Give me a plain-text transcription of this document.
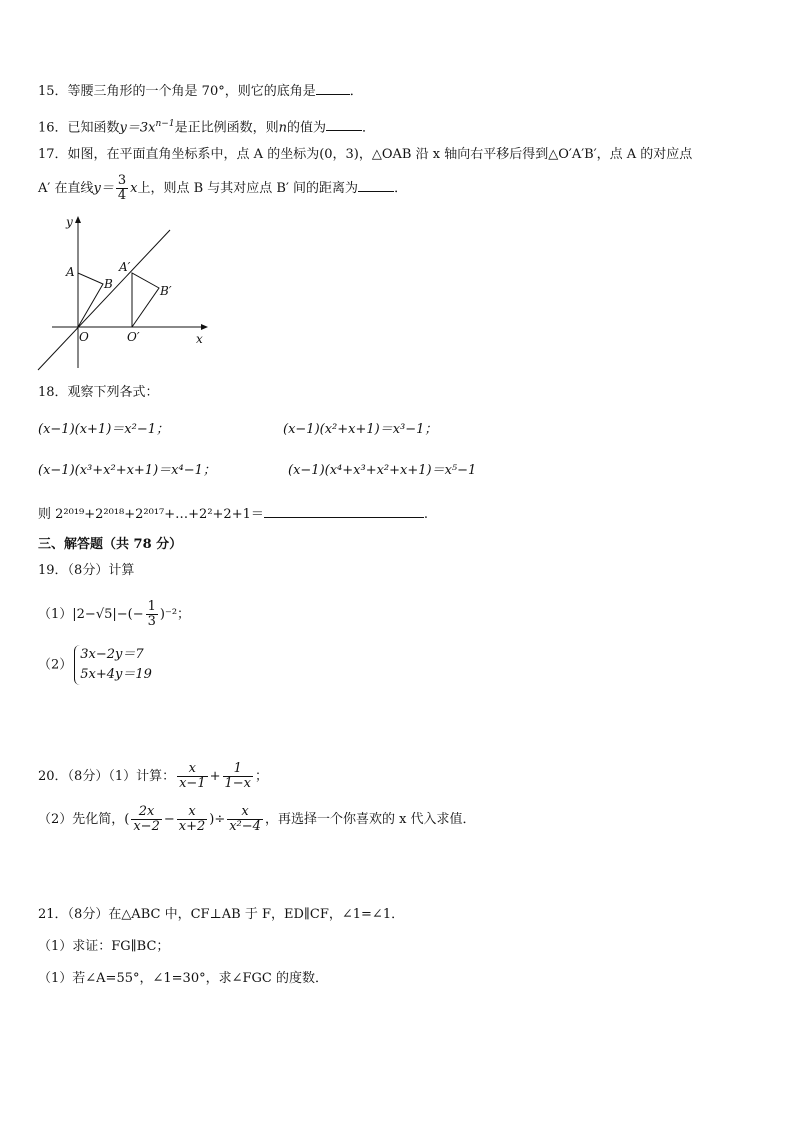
15．等腰三角形的一个角是 70°，则它的底角是	．
16．已知函数$y=3x^{n-1}$是正比例函数，则n的值为	．
17．如图，在平面直角坐标系中，点 A 的坐标为(0，3)，△OAB 沿 x 轴向右平移后得到△O′A′B′，点 A 的对应点
A′ 在直线$y= \frac{3}{4}$ x上，则点 B 与其对应点 B′ 间的距离为	．
y
x
A
B
O
A′
B′
O′
18．观察下列各式：
(x−1)(x+1)＝x²−1；	(x−1)(x²+x+1)＝x³−1；
(x−1)(x³+x²+x+1)＝x⁴−1；	(x−1)(x⁴+x³+x²+x+1)＝x⁵−1
则 2²⁰¹⁹+2²⁰¹⁸+2²⁰¹⁷+…+2²+2+1＝	.
三、解答题（共 78 分）
19．（8分）计算
$(1)|2-√5|-(- \frac{1}{3} )^{-2}$；
（2）
3x−2y＝7
5x+4y＝19
20．（8分）（1）计算： $\frac{x}{x-1} + \frac{1}{1-x}$ ；
（2）先化简，( $\frac{2x}{x-2} - \frac{x}{x+2}$ )÷ $\frac{x}{\text{x²−4}}$ ，再选择一个你喜欢的 x 代入求值．
21．（8分）在△ABC 中，CF⊥AB 于 F，ED∥CF，∠1=∠1．
（1）求证：FG∥BC；
（1）若∠A=55°，∠1=30°，求∠FGC 的度数．
